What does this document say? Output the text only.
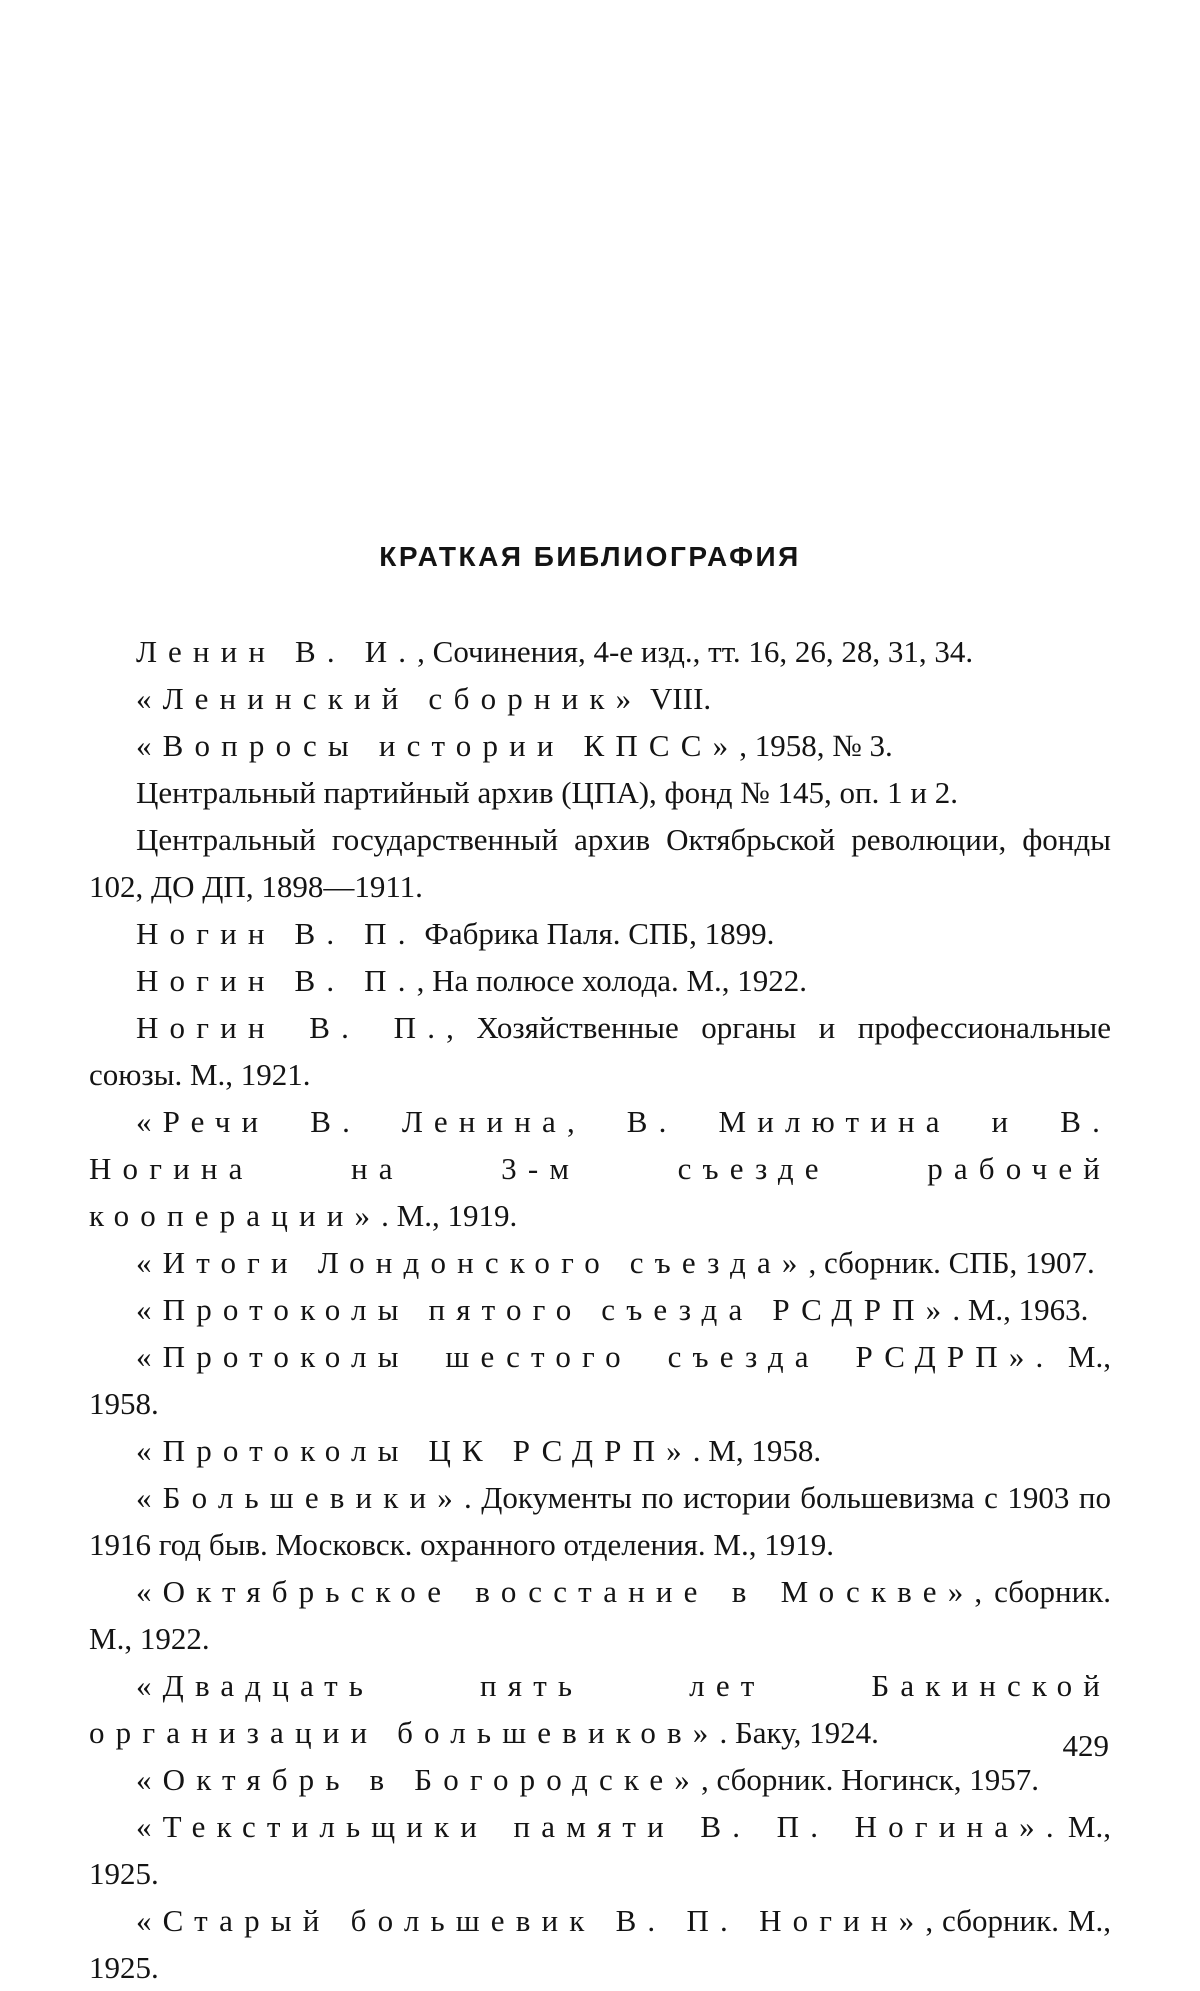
КРАТКАЯ БИБЛИОГРАФИЯ
Ленин В. И., Сочинения, 4-е изд., тт. 16, 26, 28, 31, 34.
«Ленинский сборник» VIII.
«Вопросы истории КПСС», 1958, № 3.
Центральный партийный архив (ЦПА), фонд № 145, оп. 1 и 2.
Центральный государственный архив Октябрьской революции, фонды 102, ДО ДП, 1898—1911.
Ногин В. П. Фабрика Паля. СПБ, 1899.
Ногин В. П., На полюсе холода. М., 1922.
Ногин В. П., Хозяйственные органы и профессиональные союзы. М., 1921.
«Речи В. Ленина, В. Милютина и В. Ногина на 3-м съезде рабочей кооперации». М., 1919.
«Итоги Лондонского съезда», сборник. СПБ, 1907.
«Протоколы пятого съезда РСДРП». М., 1963.
«Протоколы шестого съезда РСДРП». М., 1958.
«Протоколы ЦК РСДРП». М, 1958.
«Большевики». Документы по истории большевизма с 1903 по 1916 год быв. Московск. охранного отделения. М., 1919.
«Октябрьское восстание в Москве», сборник. М., 1922.
«Двадцать пять лет Бакинской организации большевиков». Баку, 1924.
«Октябрь в Богородске», сборник. Ногинск, 1957.
«Текстильщики памяти В. П. Ногина». М., 1925.
«Старый большевик В. П. Ногин», сборник. М., 1925.
429
